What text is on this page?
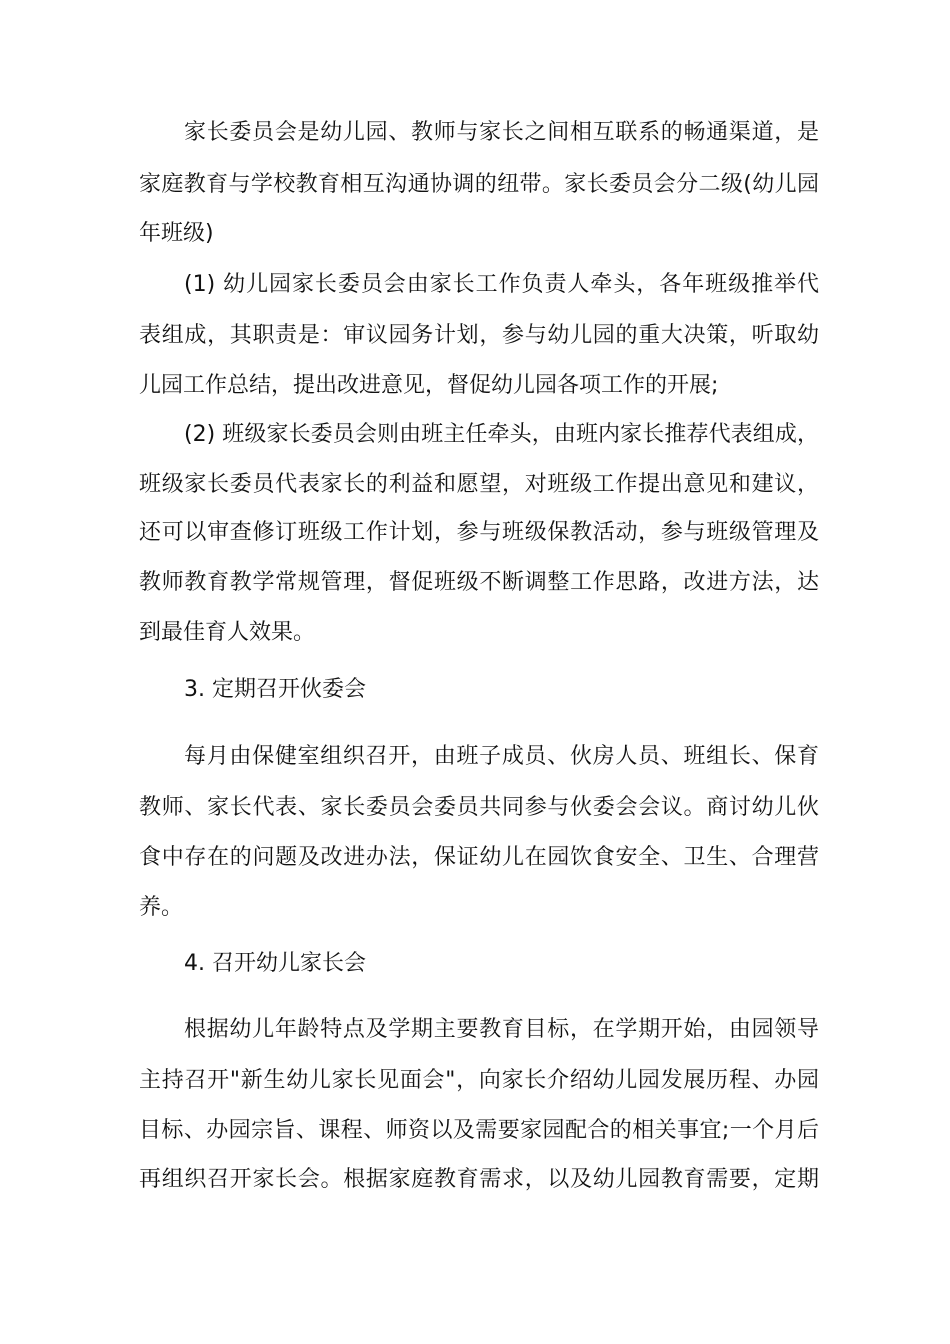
家长委员会是幼儿园、教师与家长之间相互联系的畅通渠道，是
家庭教育与学校教育相互沟通协调的纽带。家长委员会分二级(幼儿园
年班级)
(1) 幼儿园家长委员会由家长工作负责人牵头，各年班级推举代
表组成，其职责是：审议园务计划，参与幼儿园的重大决策，听取幼
儿园工作总结，提出改进意见，督促幼儿园各项工作的开展;
(2) 班级家长委员会则由班主任牵头，由班内家长推荐代表组成，
班级家长委员代表家长的利益和愿望，对班级工作提出意见和建议，
还可以审查修订班级工作计划，参与班级保教活动，参与班级管理及
教师教育教学常规管理，督促班级不断调整工作思路，改进方法，达
到最佳育人效果。
3. 定期召开伙委会
每月由保健室组织召开，由班子成员、伙房人员、班组长、保育
教师、家长代表、家长委员会委员共同参与伙委会会议。商讨幼儿伙
食中存在的问题及改进办法，保证幼儿在园饮食安全、卫生、合理营
养。
4. 召开幼儿家长会
根据幼儿年龄特点及学期主要教育目标，在学期开始，由园领导
主持召开"新生幼儿家长见面会"，向家长介绍幼儿园发展历程、办园
目标、办园宗旨、课程、师资以及需要家园配合的相关事宜;一个月后
再组织召开家长会。根据家庭教育需求，以及幼儿园教育需要，定期
